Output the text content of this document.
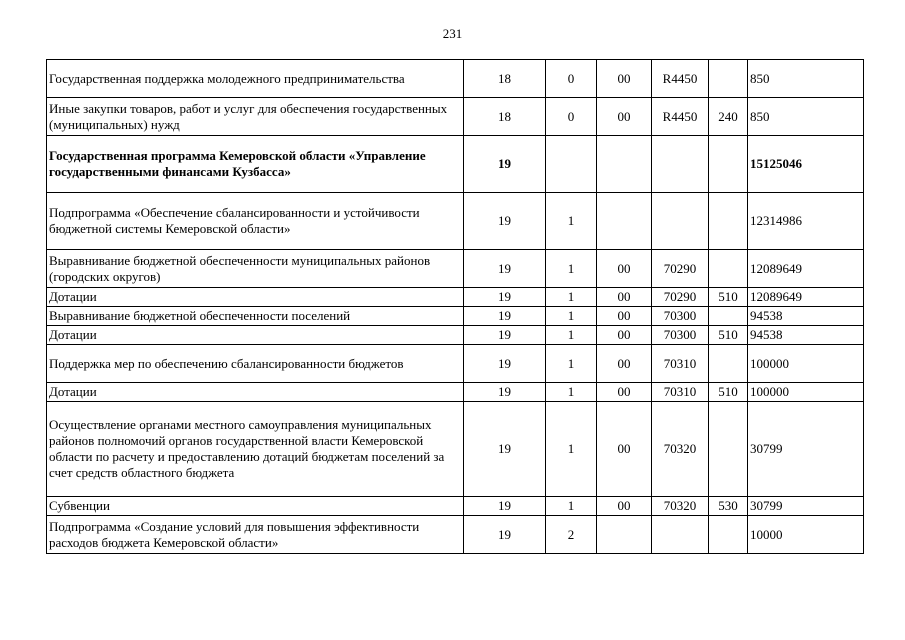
231
Государственная поддержка молодежного предпринимательства	18	0	00	R4450		850
Иные закупки товаров, работ и услуг для обеспечения государственных (муниципальных) нужд	18	0	00	R4450	240	850
Государственная программа Кемеровской области «Управление государственными финансами Кузбасса»	19					15125046
Подпрограмма «Обеспечение сбалансированности и устойчивости бюджетной системы Кемеровской области»	19	1				12314986
Выравнивание бюджетной обеспеченности муниципальных районов (городских округов)	19	1	00	70290		12089649
Дотации	19	1	00	70290	510	12089649
Выравнивание бюджетной обеспеченности поселений	19	1	00	70300		94538
Дотации	19	1	00	70300	510	94538
Поддержка мер по обеспечению сбалансированности бюджетов	19	1	00	70310		100000
Дотации	19	1	00	70310	510	100000
Осуществление органами местного самоуправления муниципальных районов полномочий органов государственной власти Кемеровской области по расчету и предоставлению дотаций бюджетам поселений за счет средств областного бюджета	19	1	00	70320		30799
Субвенции	19	1	00	70320	530	30799
Подпрограмма «Создание условий для повышения эффективности расходов бюджета Кемеровской области»	19	2				10000
